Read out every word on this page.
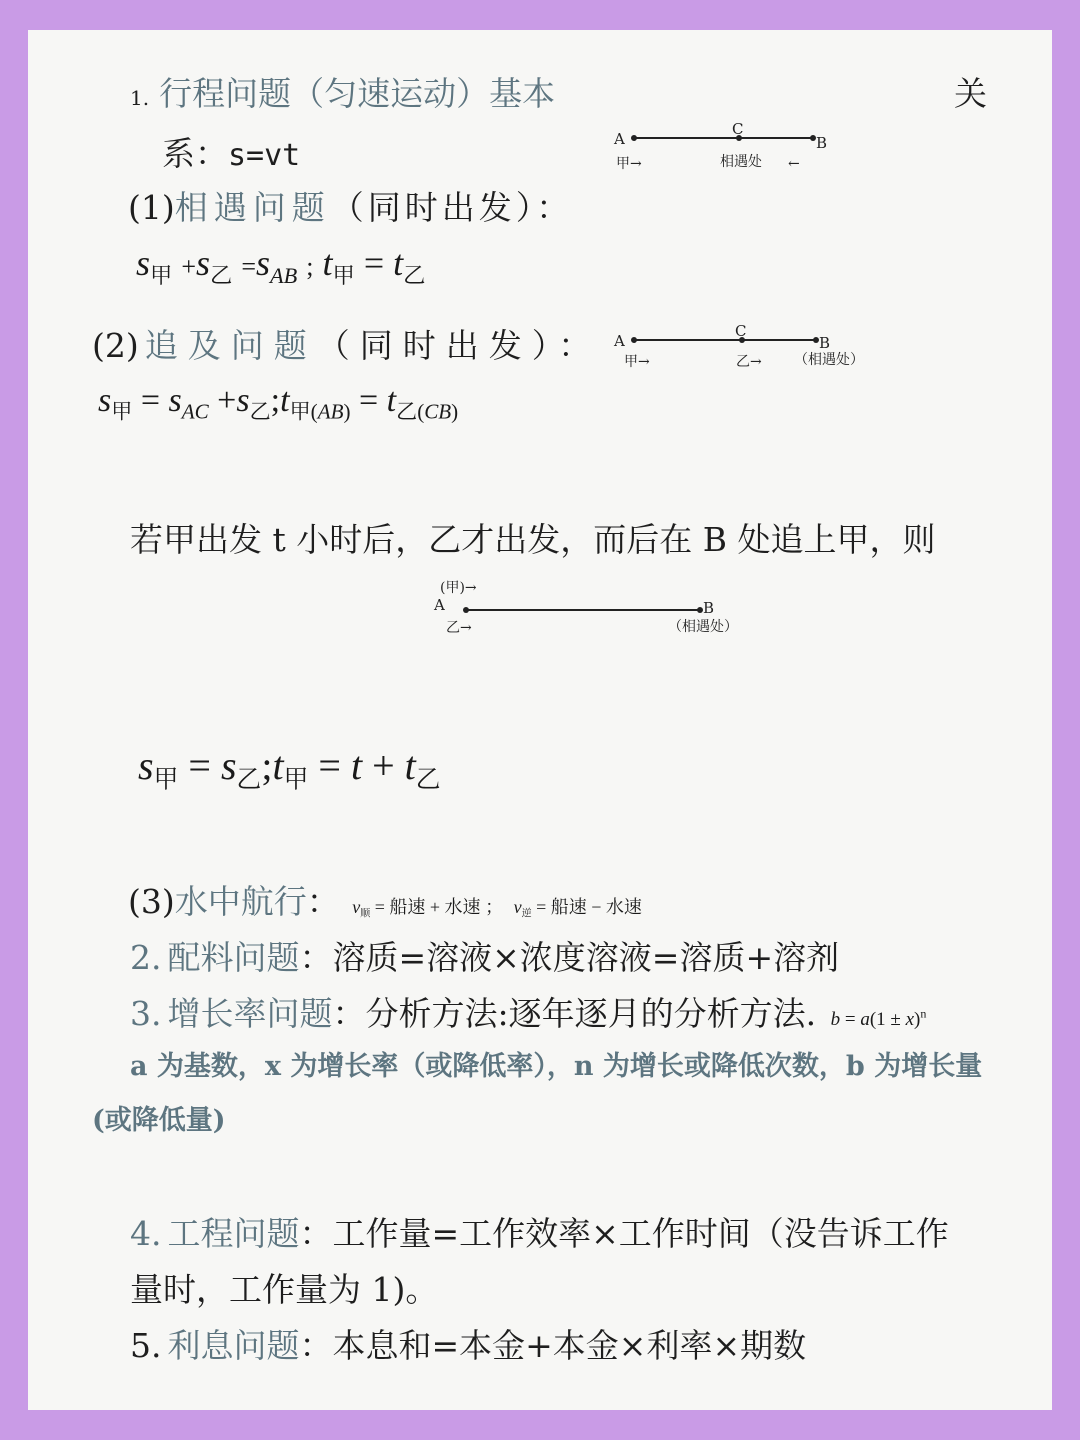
1. 行程问题（匀速运动）基本	关
系：s=vt	A
C
B
甲→	相遇处 ←
(1)相遇问题（同时出发）：
$s_甲 +s_乙 =s_{AB}$ ; $t_甲 = t_乙$
(2) 追及问题（同时出发）： A
C
B
甲→	乙→ （相遇处）
$s_甲 = s_{AC}$ $+s_乙;t_{甲(AB)} = t_{乙(CB)}$
若甲出发 t 小时后，乙才出发，而后在 B 处追上甲，则
(甲)→
A	B
乙→	（相遇处）
$s_甲$ = $s_乙;t_甲 = t + t_乙$
(3)水中航行： $v_顺$ = 船速 + 水速 ； $v_逆$ = 船速 − 水速
2. 配料问题：溶质=溶液×浓度溶液=溶质+溶剂
3. 增长率问题：分析方法:逐年逐月的分析方法. $b = a(1 \pm x)^n$
a 为基数，x 为增长率（或降低率），n 为增长或降低次数，b 为增长量
(或降低量)
4. 工程问题：工作量=工作效率×工作时间（没告诉工作
量时，工作量为 1)。
5. 利息问题：本息和=本金+本金×利率×期数
